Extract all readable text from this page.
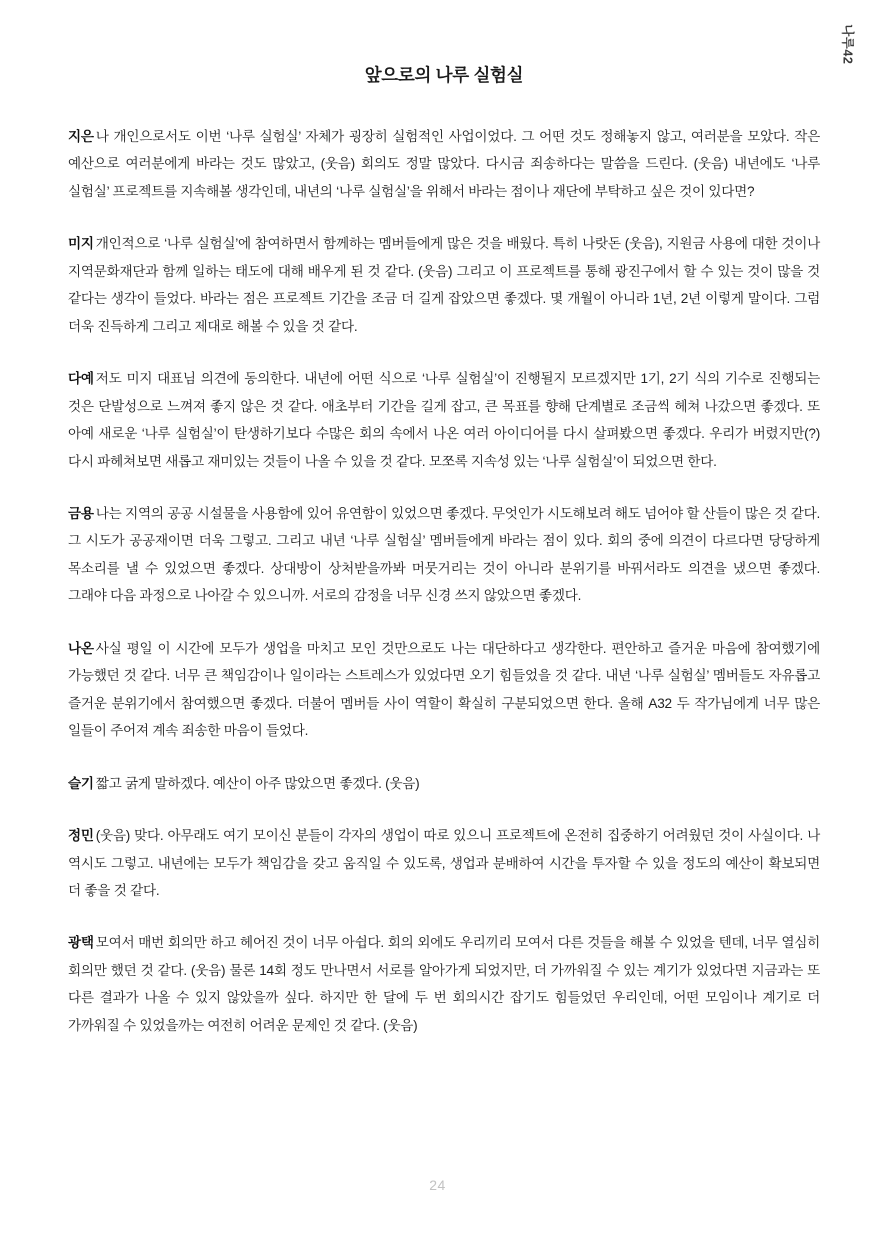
나루42
앞으로의 나루 실험실

지은 나 개인으로서도 이번 ‘나루 실험실’ 자체가 굉장히 실험적인 사업이었다. 그 어떤 것도 정해놓지 않고, 여러분을 모았다. 작은 예산으로 여러분에게 바라는 것도 많았고, (웃음) 회의도 정말 많았다. 다시금 죄송하다는 말씀을 드린다. (웃음) 내년에도 ‘나루 실험실’ 프로젝트를 지속해볼 생각인데, 내년의 ‘나루 실험실’을 위해서 바라는 점이나 재단에 부탁하고 싶은 것이 있다면?

미지 개인적으로 ‘나루 실험실’에 참여하면서 함께하는 멤버들에게 많은 것을 배웠다. 특히 나랏돈 (웃음), 지원금 사용에 대한 것이나 지역문화재단과 함께 일하는 태도에 대해 배우게 된 것 같다. (웃음) 그리고 이 프로젝트를 통해 광진구에서 할 수 있는 것이 많을 것 같다는 생각이 들었다. 바라는 점은 프로젝트 기간을 조금 더 길게 잡았으면 좋겠다. 몇 개월이 아니라 1년, 2년 이렇게 말이다. 그럼 더욱 진득하게 그리고 제대로 해볼 수 있을 것 같다.

다예 저도 미지 대표님 의견에 동의한다. 내년에 어떤 식으로 ‘나루 실험실’이 진행될지 모르겠지만 1기, 2기 식의 기수로 진행되는 것은 단발성으로 느껴져 좋지 않은 것 같다. 애초부터 기간을 길게 잡고, 큰 목표를 향해 단계별로 조금씩 헤쳐 나갔으면 좋겠다. 또 아예 새로운 ‘나루 실험실’이 탄생하기보다 수많은 회의 속에서 나온 여러 아이디어를 다시 살펴봤으면 좋겠다. 우리가 버렸지만(?) 다시 파헤쳐보면 새롭고 재미있는 것들이 나올 수 있을 것 같다. 모쪼록 지속성 있는 ‘나루 실험실’이 되었으면 한다.

금용 나는 지역의 공공 시설물을 사용함에 있어 유연함이 있었으면 좋겠다. 무엇인가 시도해보려 해도 넘어야 할 산들이 많은 것 같다. 그 시도가 공공재이면 더욱 그렇고. 그리고 내년 ‘나루 실험실’ 멤버들에게 바라는 점이 있다. 회의 중에 의견이 다르다면 당당하게 목소리를 낼 수 있었으면 좋겠다. 상대방이 상처받을까봐 머뭇거리는 것이 아니라 분위기를 바꿔서라도 의견을 냈으면 좋겠다. 그래야 다음 과정으로 나아갈 수 있으니까. 서로의 감정을 너무 신경 쓰지 않았으면 좋겠다.

나온 사실 평일 이 시간에 모두가 생업을 마치고 모인 것만으로도 나는 대단하다고 생각한다. 편안하고 즐거운 마음에 참여했기에 가능했던 것 같다. 너무 큰 책임감이나 일이라는 스트레스가 있었다면 오기 힘들었을 것 같다. 내년 ‘나루 실험실’ 멤버들도 자유롭고 즐거운 분위기에서 참여했으면 좋겠다. 더불어 멤버들 사이 역할이 확실히 구분되었으면 한다. 올해 A32 두 작가님에게 너무 많은 일들이 주어져 계속 죄송한 마음이 들었다.

슬기 짧고 굵게 말하겠다. 예산이 아주 많았으면 좋겠다. (웃음)

정민 (웃음) 맞다. 아무래도 여기 모이신 분들이 각자의 생업이 따로 있으니 프로젝트에 온전히 집중하기 어려웠던 것이 사실이다. 나 역시도 그렇고. 내년에는 모두가 책임감을 갖고 움직일 수 있도록, 생업과 분배하여 시간을 투자할 수 있을 정도의 예산이 확보되면 더 좋을 것 같다.

광택 모여서 매번 회의만 하고 헤어진 것이 너무 아쉽다. 회의 외에도 우리끼리 모여서 다른 것들을 해볼 수 있었을 텐데, 너무 열심히 회의만 했던 것 같다. (웃음) 물론 14회 정도 만나면서 서로를 알아가게 되었지만, 더 가까워질 수 있는 계기가 있었다면 지금과는 또 다른 결과가 나올 수 있지 않았을까 싶다. 하지만 한 달에 두 번 회의시간 잡기도 힘들었던 우리인데, 어떤 모임이나 계기로 더 가까워질 수 있었을까는 여전히 어려운 문제인 것 같다. (웃음)

24
